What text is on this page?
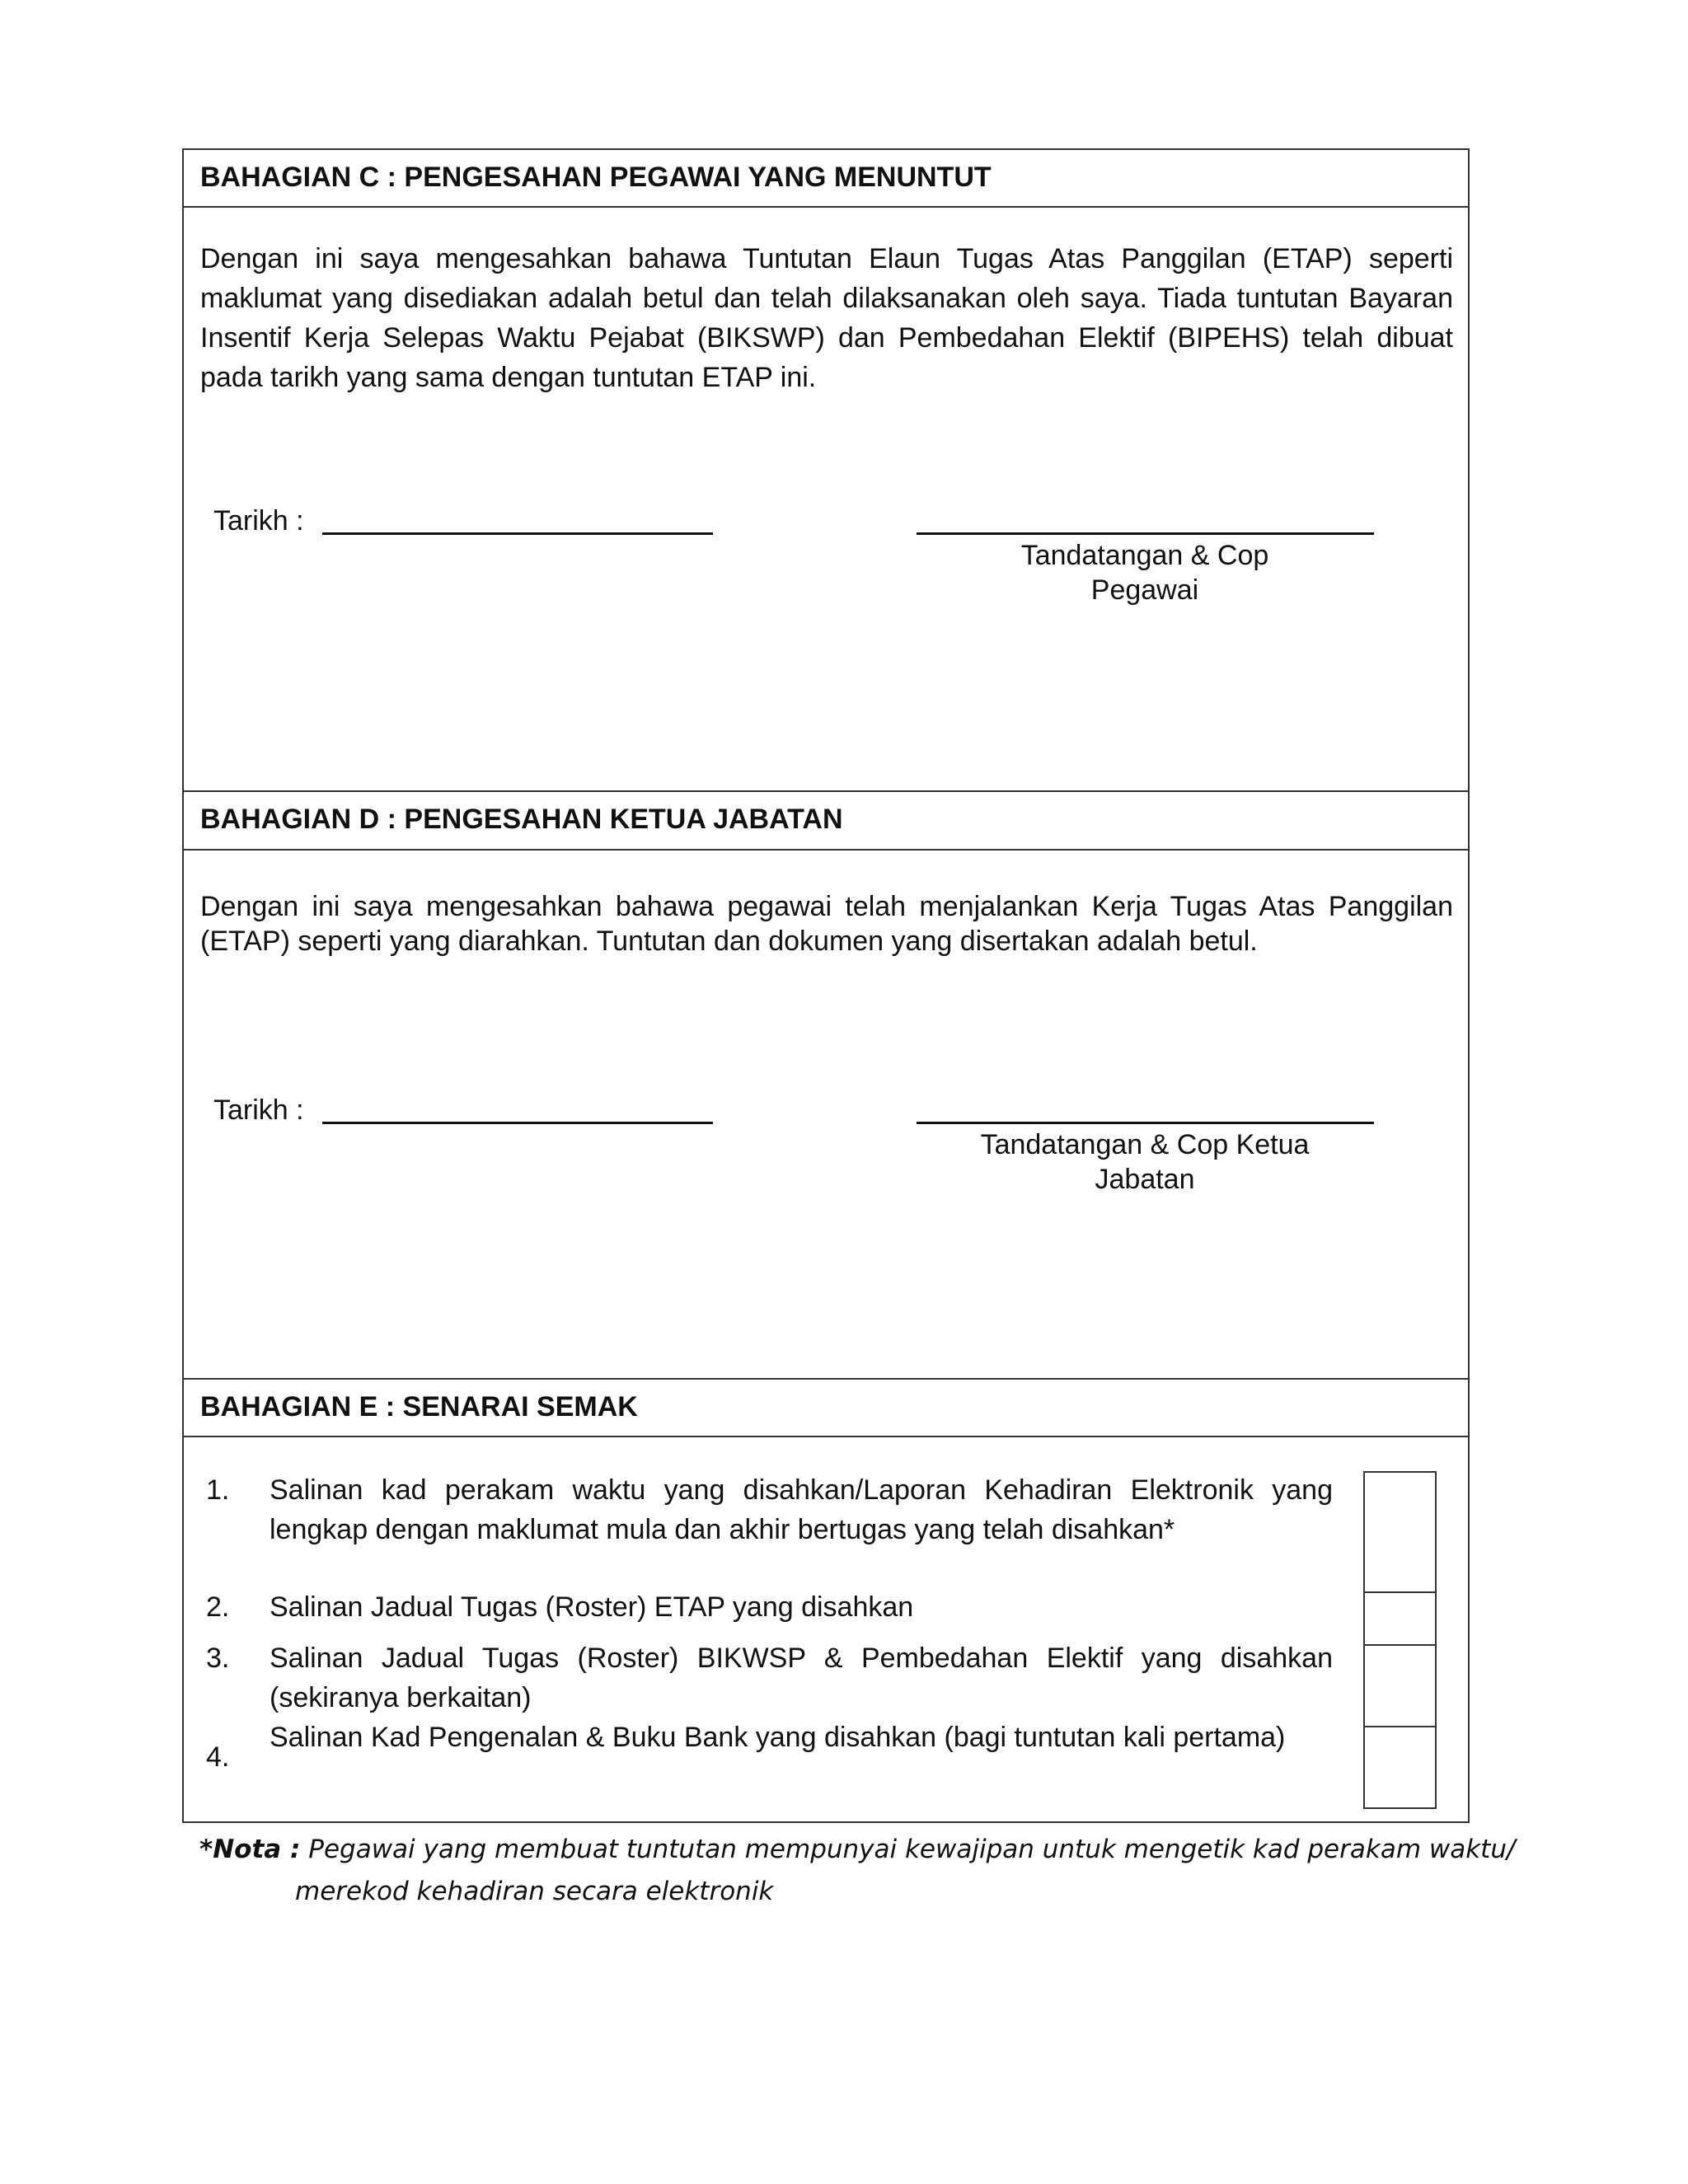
BAHAGIAN C : PENGESAHAN PEGAWAI YANG MENUNTUT
Dengan ini saya mengesahkan bahawa Tuntutan Elaun Tugas Atas Panggilan (ETAP) seperti maklumat yang disediakan adalah betul dan telah dilaksanakan oleh saya. Tiada tuntutan Bayaran Insentif Kerja Selepas Waktu Pejabat (BIKSWP) dan Pembedahan Elektif (BIPEHS) telah dibuat pada tarikh yang sama dengan tuntutan ETAP ini.
Tarikh :
Tandatangan & Cop
Pegawai
BAHAGIAN D : PENGESAHAN KETUA JABATAN
Dengan ini saya mengesahkan bahawa pegawai telah menjalankan Kerja Tugas Atas Panggilan (ETAP) seperti yang diarahkan. Tuntutan dan dokumen yang disertakan adalah betul.
Tarikh :
Tandatangan & Cop Ketua
Jabatan
BAHAGIAN E : SENARAI SEMAK
1. Salinan kad perakam waktu yang disahkan/Laporan Kehadiran Elektronik yang lengkap dengan maklumat mula dan akhir bertugas yang telah disahkan*
2. Salinan Jadual Tugas (Roster) ETAP yang disahkan
3. Salinan Jadual Tugas (Roster) BIKWSP & Pembedahan Elektif yang disahkan (sekiranya berkaitan)
4.
Salinan Kad Pengenalan & Buku Bank yang disahkan (bagi tuntutan kali pertama)
*Nota : Pegawai yang membuat tuntutan mempunyai kewajipan untuk mengetik kad perakam waktu/
merekod kehadiran secara elektronik
